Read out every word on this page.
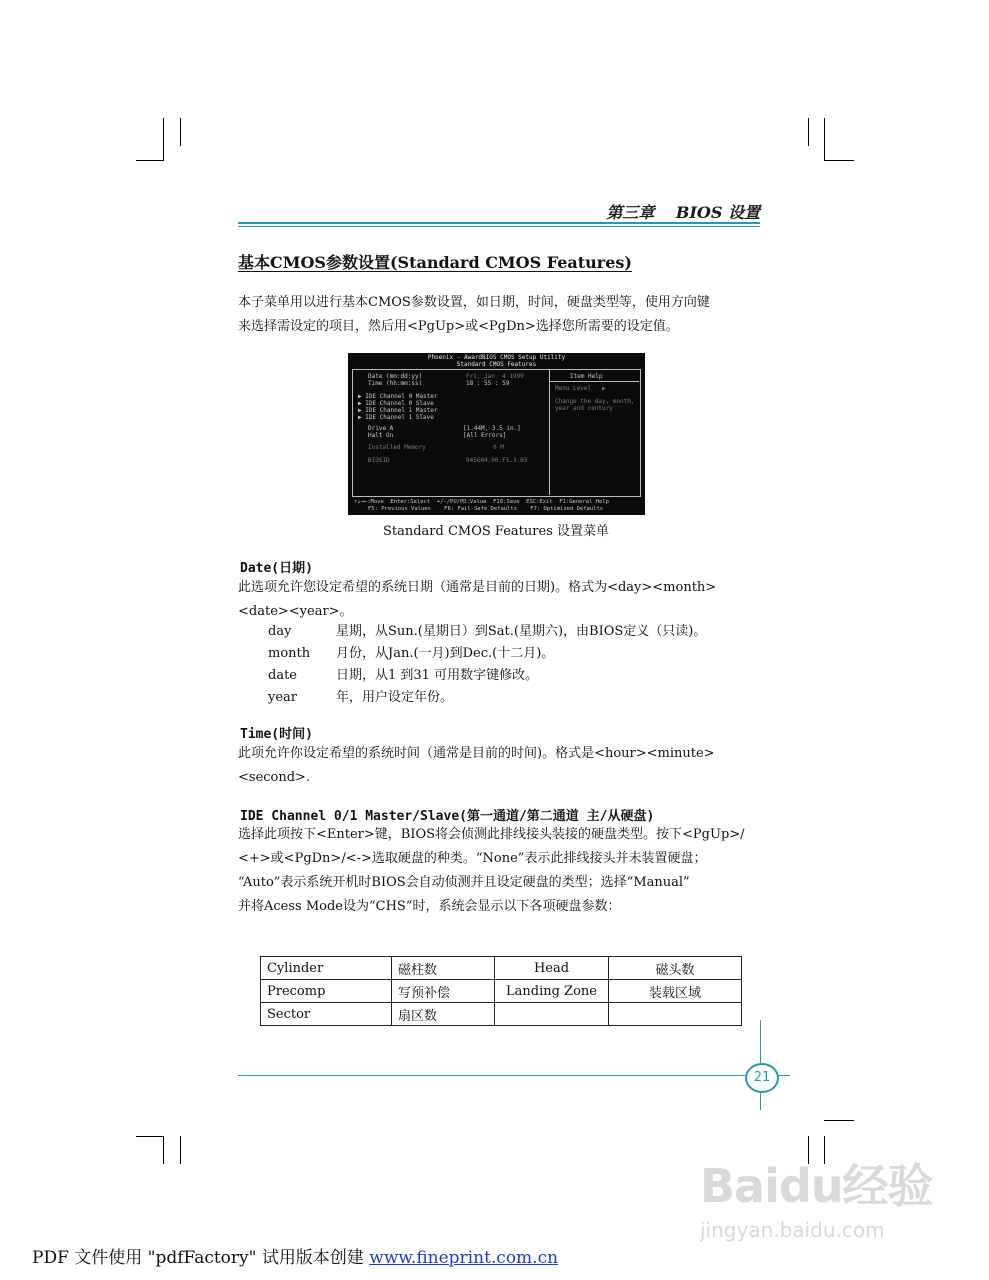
第三章　 BIOS 设置
基本CMOS参数设置(Standard CMOS Features)

本子菜单用以进行基本CMOS参数设置，如日期，时间，硬盘类型等，使用方向键

来选择需设定的项目，然后用<PgUp>或<PgDn>选择您所需要的设定值。

Phoenix - AwardBIOS CMOS Setup Utility
Standard CMOS Features
Date (mm:dd:yy)	Fri, Jan  4 1999
Time (hh:mm:ss)	18 : 55 : 59
▶ IDE Channel 0 Master
▶ IDE Channel 0 Slave
▶ IDE Channel 1 Master
▶ IDE Channel 1 Slave
Drive A	[1.44M, 3.5 in.]
Halt On	[All Errors]
Installed Memory	0 M
BIOSID	945G04.00.F1.3.03
Item Help
Menu Level   ▶
Change the day, month,
year and century
↑↓→←:Move  Enter:Select  +/-/PU/PD:Value  F10:Save  ESC:Exit  F1:General Help
F5: Previous Values    F6: Fail-Safe Defaults    F7: Optimized Defaults
Standard CMOS Features 设置菜单
Date(日期)

此选项允许您设定希望的系统日期（通常是目前的日期)。格式为<day><month>

<date><year>。

day	星期，从Sun.(星期日）到Sat.(星期六)，由BIOS定义（只读)。
month 月份，从Jan.(一月)到Dec.(十二月)。
date	日期，从1 到31 可用数字键修改。
year	年，用户设定年份。
Time(时间)

此项允许你设定希望的系统时间（通常是目前的时间)。格式是<hour><minute>

<second>.

IDE Channel 0/1 Master/Slave(第一通道/第二通道 主/从硬盘)

选择此项按下<Enter>键，BIOS将会侦测此排线接头装接的硬盘类型。按下<PgUp>/

<+>或<PgDn>/<->选取硬盘的种类。“None”表示此排线接头并未装置硬盘；

“Auto”表示系统开机时BIOS会自动侦测并且设定硬盘的类型；选择“Manual”

并将Acess Mode设为“CHS”时，系统会显示以下各项硬盘参数：

Cylinder	磁柱数	Head	磁头数
Precomp	写预补偿	Landing Zone	装载区域
Sector	扇区数		
21
Baidu经验
jingyan.baidu.com
PDF 文件使用 "pdfFactory" 试用版本创建 www.fineprint.com.cn
